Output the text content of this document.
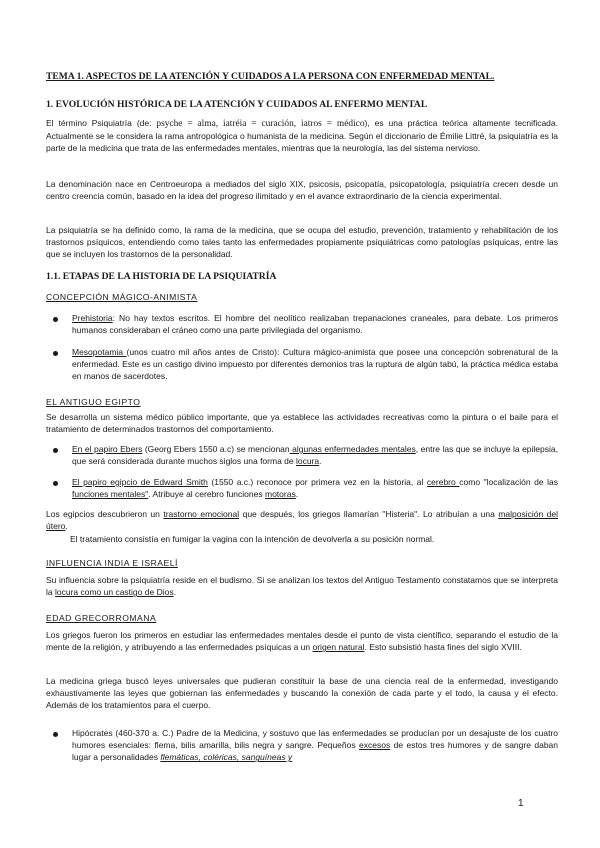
TEMA 1. ASPECTOS DE LA ATENCIÓN Y CUIDADOS A LA PERSONA CON ENFERMEDAD MENTAL.
1. EVOLUCIÓN HISTÓRICA DE LA ATENCIÓN Y CUIDADOS AL ENFERMO MENTAL
El término Psiquiatría (de: psyche = alma, iatréia = curación, iatros = médico), es una práctica teórica altamente tecnificada. Actualmente se le considera la rama antropológica o humanista de la medicina. Según el diccionario de Émilie Littré, la psiquiatría es la parte de la medicina que trata de las enfermedades mentales, mientras que la neurología, las del sistema nervioso.
La denominación nace en Centroeuropa a mediados del siglo XIX, psicosis, psicopatía, psicopatología, psiquiatría crecen desde un centro creencia común, basado en la idea del progreso ilimitado y en el avance extraordinario de la ciencia experimental.
La psiquiatría se ha definido como, la rama de la medicina, que se ocupa del estudio, prevención, tratamiento y rehabilitación de los trastornos psíquicos, entendiendo como tales tanto las enfermedades propiamente psiquiátricas como patologías psíquicas, entre las que se incluyen los trastornos de la personalidad.
1.1. ETAPAS DE LA HISTORIA DE LA PSIQUIATRÍA
CONCEPCIÓN MÁGICO-ANIMISTA
Prehistoria: No hay textos escritos. El hombre del neolítico realizaban trepanaciones craneales, para debate. Los primeros humanos consideraban el cráneo como una parte privilegiada del organismo.
Mesopotamia (unos cuatro mil años antes de Cristo): Cultura mágico-animista que posee una concepción sobrenatural de la enfermedad. Este es un castigo divino impuesto por diferentes demonios tras la ruptura de algún tabú, la práctica médica estaba en manos de sacerdotes.
EL ANTIGUO EGIPTO
Se desarrolla un sistema médico público importante, que ya establece las actividades recreativas como la pintura o el baile para el tratamiento de determinados trastornos del comportamiento.
En el papiro Ebers (Georg Ebers 1550 a.c) se mencionan algunas enfermedades mentales, entre las que se incluye la epilepsia, que será considerada durante muchos siglos una forma de locura.
El papiro egipcio de Edward Smith (1550 a.c.) reconoce por primera vez en la historia, al cerebro como "localización de las funciones mentales". Atribuye al cerebro funciones motoras.
Los egipcios descubrieron un trastorno emocional que después, los griegos llamarían "Histeria". Lo atribuían a una malposición del útero.
El tratamiento consistía en fumigar la vagina con la intención de devolverla a su posición normal.
INFLUENCIA INDIA E ISRAELÍ
Su influencia sobre la psiquiatría reside en el budismo. Si se analizan los textos del Antiguo Testamento constatamos que se interpreta la locura como un castigo de Dios.
EDAD GRECORROMANA
Los griegos fueron los primeros en estudiar las enfermedades mentales desde el punto de vista científico, separando el estudio de la mente de la religión, y atribuyendo a las enfermedades psíquicas a un origen natural. Esto subsistió hasta fines del siglo XVIII.
La medicina griega buscó leyes universales que pudieran constituir la base de una ciencia real de la enfermedad, investigando exhaustivamente las leyes que gobiernan las enfermedades y buscando la conexión de cada parte y el todo, la causa y el efecto. Además de los tratamientos para el cuerpo.
Hipócrates (460-370 a. C.) Padre de la Medicina, y sostuvo que las enfermedades se producían por un desajuste de los cuatro humores esenciales: flema, bilis amarilla, bilis negra y sangre. Pequeños excesos de estos tres humores y de sangre daban lugar a personalidades flemáticas, coléricas, sanguíneas y
1
